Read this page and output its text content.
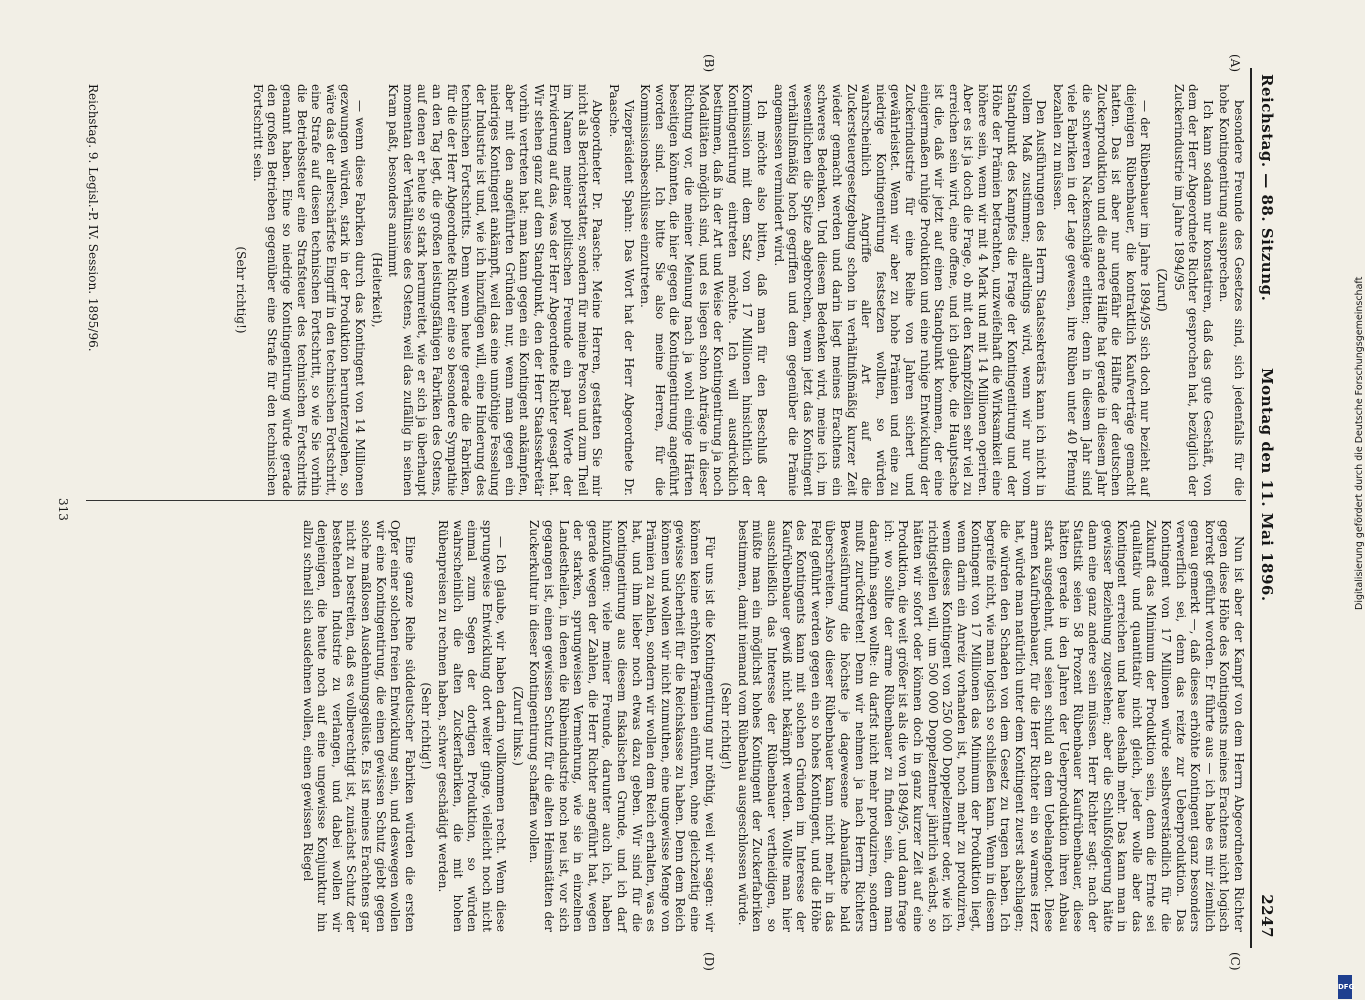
Reichstag. — 88. Sitzung.
Montag den 11. Mai 1896.
2247
(A)
(B)
(C)
(D)

besondere Freunde des Gesetzes sind, sich jedenfalls für die hohe Kontingentirung aussprechen.

Ich kann sodann nur konstatiren, daß das gute Geschäft, von dem der Herr Abgeordnete Richter gesprochen hat, bezüglich der Zuckerindustrie im Jahre 1894/95

(Zuruf)

— der Rübenbauer im Jahre 1894/95 sich doch nur bezieht auf diejenigen Rübenbauer, die kontraktlich Kaufverträge gemacht hatten. Das ist aber nur ungefähr die Hälfte der deutschen Zuckerproduktion und die andere Hälfte hat gerade in diesem Jahr die schweren Nackenschläge erlitten; denn in diesem Jahr sind viele Fabriken in der Lage gewesen, ihre Rüben unter 40 Pfennig bezahlen zu müssen.

Den Ausführungen des Herrn Staatssekretärs kann ich nicht in vollem Maß zustimmen; allerdings wird, wenn wir nur vom Standpunkt des Kampfes die Frage der Kontingentirung und der Höhe der Prämien betrachten, unzweifelhaft die Wirksamkeit eine höhere sein, wenn wir mit 4 Mark und mit 14 Millionen operiren. Aber es ist ja doch die Frage, ob mit den Kampfzöllen sehr viel zu erreichen sein wird, eine offene, und ich glaube, die Hauptsache ist die, daß wir jetzt auf einen Standpunkt kommen, der eine einigermaßen ruhige Produktion und eine ruhige Entwicklung der Zuckerindustrie für eine Reihe von Jahren sichert und gewährleistet. Wenn wir aber zu hohe Prämien und eine zu niedrige Kontingentirung festsetzen wollten, so würden wahrscheinlich Angriffe aller Art auf die Zuckersteuergesetzgebung schon in verhältnißmäßig kurzer Zeit wieder gemacht werden und darin liegt meines Erachtens ein schweres Bedenken. Und diesem Bedenken wird, meine ich, im wesentlichen die Spitze abgebrochen, wenn jetzt das Kontingent verhältnißmäßig hoch gegriffen und dem gegenüber die Prämie angemessen vermindert wird.

Ich möchte also bitten, daß man für den Beschluß der Kommission mit dem Satz von 17 Millionen hinsichtlich der Kontingentirung eintreten möchte. Ich will ausdrücklich bestimmen, daß in der Art und Weise der Kontingentirung ja noch Modalitäten möglich sind, und es liegen schon Anträge in dieser Richtung vor, die meiner Meinung nach ja wohl einige Härten beseitigen könnten, die hier gegen die Kontingentirung angeführt worden sind. Ich bitte Sie also meine Herren, für die Kommissionsbeschlüsse einzutreten.

Vizepräsident Spahn: Das Wort hat der Herr Abgeordnete Dr. Paasche.

Abgeordneter Dr. Paasche: Meine Herren, gestatten Sie mir nicht als Berichterstatter, sondern für meine Person und zum Theil im Namen meiner politischen Freunde ein paar Worte der Erwiderung auf das, was der Herr Abgeordnete Richter gesagt hat. Wir stehen ganz auf dem Standpunkt, den der Herr Staatssekretär vorhin vertreten hat: man kann gegen ein Kontingent ankämpfen, aber mit den angeführten Gründen nur, wenn man gegen ein niedriges Kontingent ankämpft, weil das eine unnöthige Fesselung der Industrie ist und, wie ich hinzufügen will, eine Hinderung des technischen Fortschritts. Denn wenn heute gerade die Fabriken, für die der Herr Abgeordnete Richter eine so besondere Sympathie an den Tag legt, die großen leistungsfähigen Fabriken des Ostens, auf denen er heute so stark herumreitet, wie er sich ja überhaupt momentan der Verhältnisse des Ostens, weil das zufällig in seinen Kram paßt, besonders annimmt

(Heiterkeit),

— wenn diese Fabriken durch das Kontingent von 14 Millionen gezwungen würden, stark in der Produktion herunterzugehen, so wäre das der allerschärfste Eingriff in den technischen Fortschritt, eine Strafe auf diesen technischen Fortschritt, so wie Sie vorhin die Betriebssteuer eine Strafsteuer des technischen Fortschritts genannt haben. Eine so niedrige Kontingentirung würde gerade den großen Betrieben gegenüber eine Strafe für den technischen Fortschritt sein.

(Sehr richtig!)

Nun ist aber der Kampf von dem Herrn Abgeordneten Richter gegen diese Höhe des Kontingents meines Erachtens nicht logisch korrekt geführt worden. Er führte aus — ich habe es mir ziemlich genau gemerkt —, daß dieses erhöhte Kontingent ganz besonders verwerflich sei, denn das reizte zur Ueberproduktion. Das Kontingent von 17 Millionen würde selbstverständlich für die Zukunft das Minimum der Produktion sein, denn die Ernte sei qualitativ und quantitativ nicht gleich, jeder wolle aber das Kontingent erreichen und baue deshalb mehr. Das kann man in gewisser Beziehung zugestehen; aber die Schlußfolgerung hätte dann eine ganz andere sein müssen. Herr Richter sagt: nach der Statistik seien 58 Prozent Rübenbauer Kaufrübenbauer, diese hätten gerade in den Jahren der Ueberproduktion ihren Anbau stark ausgedehnt, und seien schuld an dem Uebelangebot. Diese armen Kaufrübenbauer, für die Herr Richter ein so warmes Herz hat, würde man natürlich unter dem Kontingent zuerst abschlagen; die würden den Schaden von dem Gesetz zu tragen haben. Ich begreife nicht, wie man logisch so schließen kann. Wenn in diesem Kontingent von 17 Millionen das Minimum der Produktion liegt, wenn darin ein Anreiz vorhanden ist, noch mehr zu produziren, wenn dieses Kontingent von 250 000 Doppelzentner oder, wie ich richtigstellen will, um 500 000 Doppelzentner jährlich wächst, so hätten wir sofort oder können doch in ganz kurzer Zeit auf eine Produktion, die weit größer ist als die von 1894/95, und dann frage ich: wo sollte der arme Rübenbauer zu finden sein, dem man daraufhin sagen wollte: du darfst nicht mehr produziren, sondern mußt zurücktreten! Denn wir nehmen ja nach Herrn Richters Beweisführung die höchste je dagewesene Anbaufläche bald überschreiten. Also dieser Rübenbauer kann nicht mehr in das Feld geführt werden gegen ein so hohes Kontingent, und die Höhe des Kontingents kann mit solchen Gründen im Interesse der Kaufrübenbauer gewiß nicht bekämpft werden. Wollte man hier ausschließlich das Interesse der Rübenbauer vertheidigen, so müßte man ein möglichst hohes Kontingent der Zuckerfabriken bestimmen, damit niemand vom Rübenbau ausgeschlossen würde.

(Sehr richtig!)

Für uns ist die Kontingentirung nur nöthig, weil wir sagen: wir können keine erhöhten Prämien einführen, ohne gleichzeitig eine gewisse Sicherheit für die Reichskasse zu haben. Denn dem Reich können und wollen wir nicht zumuthen, eine ungewisse Menge von Prämien zu zahlen, sondern wir wollen dem Reich erhalten, was es hat, und ihm lieber noch etwas dazu geben. Wir sind für die Kontingentirung aus diesem fiskalischen Grunde, und ich darf hinzufügen: viele meiner Freunde, darunter auch ich, haben gerade wegen der Zahlen, die Herr Richter angeführt hat, wegen der starken, sprungweisen Vermehrung, wie sie in einzelnen Landestheilen, in denen die Rübenindustrie noch neu ist, vor sich gegangen ist, einen gewissen Schutz für die alten Heimstätten der Zuckerkultur in dieser Kontingentirung schaffen wollen.

(Zuruf links.)

— Ich glaube, wir haben darin vollkommen recht. Wenn diese sprungweise Entwicklung dort weiter ginge, vielleicht noch nicht einmal zum Segen der dortigen Produktion, so würden wahrscheinlich die alten Zuckerfabriken, die mit hohen Rübenpreisen zu rechnen haben, schwer geschädigt werden.

(Sehr richtig!)

Eine ganze Reihe süddeutscher Fabriken würden die ersten Opfer einer solchen freien Entwicklung sein, und deswegen wollen wir eine Kontingentirung, die einen gewissen Schutz giebt gegen solche maßlosen Ausdehnungsgelüste. Es ist meines Erachtens gar nicht zu bestreiten, daß es vollberechtigt ist, zunächst Schutz der bestehenden Industrie zu verlangen, und dabei wollen wir denjenigen, die heute noch auf eine ungewisse Konjunktur hin allzu schnell sich ausdehnen wollen, einen gewissen Riegel

Reichstag. 9. Legisl.-P. IV. Session. 1895/96.
313	Digitalisierung gefördert durch die Deutsche Forschungsgemeinschaft
DFG
